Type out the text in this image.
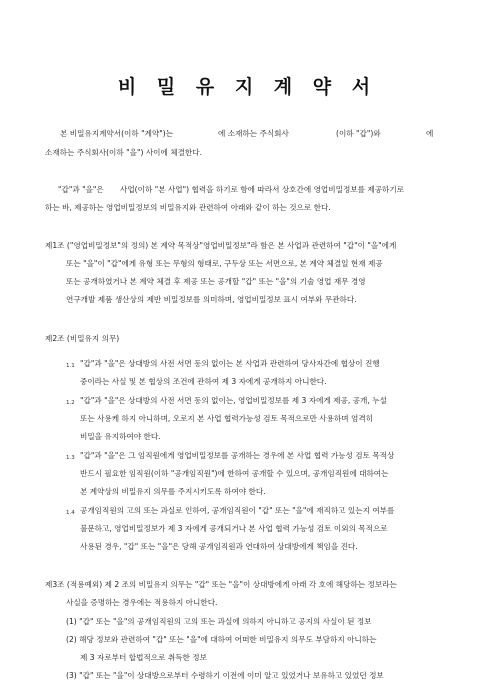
비 밀 유 지 계 약 서
본 비밀유지계약서(이하 "계약")는	에 소재하는 주식회사	(이하 "갑")와	에
소재하는 주식회사(이하 "을") 사이에 체결한다.
"갑"과 "을"은 사업(이하 "본 사업") 협력을 하기로 함에 따라서 상호간에 영업비밀정보를 제공하기로
하는 바, 제공하는 영업비밀정보의 비밀유지와 관련하여 아래와 같이 하는 것으로 한다.
제1조 ("영업비밀정보"의 정의) 본 계약 목적상"영업비밀정보"라 함은 본 사업과 관련하여 "갑"이 "을"에게
또는 "을"이 "갑"에게 유형 또는 무형의 형태로, 구두상 또는 서면으로, 본 계약 체결일 현재 제공
또는 공개하였거나 본 계약 체결 후 제공 또는 공개할 "갑" 또는 "을"의 기술 영업 재무 경영
연구개발 제품 생산상의 제반 비밀정보를 의미하며, 영업비밀정보 표시 여부와 무관하다.
제2조 (비밀유지 의무)
1.1 "갑"과 "을"은 상대방의 사전 서면 동의 없이는 본 사업과 관련하여 당사자간에 협상이 진행
중이라는 사실 및 본 협상의 조건에 관하여 제 3 자에게 공개하지 아니한다.
1.2 "갑"과 "을"은 상대방의 사전 서면 동의 없이는, 영업비밀정보를 제 3 자에게 제공, 공개, 누설
또는 사용케 하지 아니하며, 오로지 본 사업 협력가능성 검토 목적으로만 사용하며 엄격히
비밀을 유지하여야 한다.
1.3 "갑"과 "을"은 그 임직원에게 영업비밀정보를 공개하는 경우에 본 사업 협력 가능성 검토 목적상
반드시 필요한 임직원(이하 "공개임직원")에 한하여 공개할 수 있으며, 공개임직원에 대하여는
본 계약상의 비밀유지 의무를 주지시키도록 하여야 한다.
1.4 공개임직원의 고의 또는 과실로 인하여, 공개임직원이 "갑" 또는 "을"에 재직하고 있는지 여부를
불문하고, 영업비밀정보가 제 3 자에게 공개되거나 본 사업 협력 가능성 검토 이외의 목적으로
사용된 경우, "갑" 또는 "을"은 당해 공개임직원과 연대하여 상대방에게 책임을 진다.
제3조 (적용예외) 제 2 조의 비밀유지 의무는 "갑" 또는 "을"이 상대방에게 아래 각 호에 해당하는 정보라는
사실을 증명하는 경우에는 적용하지 아니한다.
(1) "갑" 또는 "을"의 공개임직원의 고의 또는 과실에 의하지 아니하고 공지의 사실이 된 정보
(2) 해당 정보와 관련하여 "갑" 또는 "을"에 대하여 어떠한 비밀유지 의무도 부담하지 아니하는
제 3 자로부터 합법적으로 취득한 정보
(3) "갑" 또는 "을"이 상대방으로부터 수령하기 이전에 이미 알고 있었거나 보유하고 있었던 정보
